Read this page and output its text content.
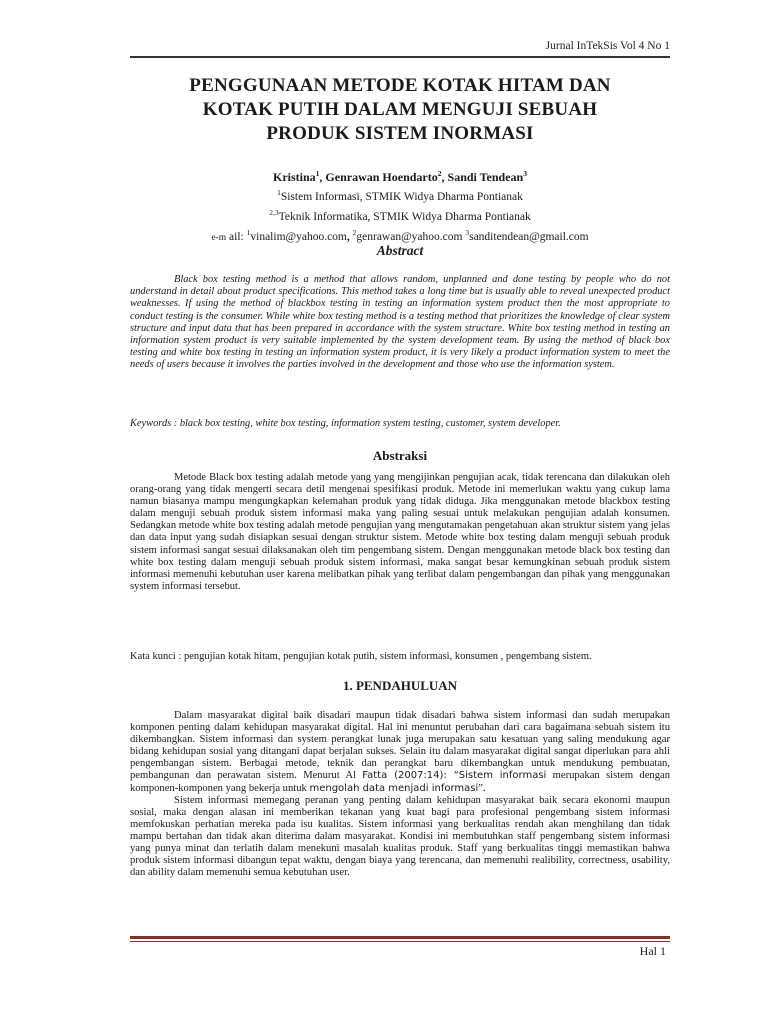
Jurnal InTekSis Vol 4 No 1
PENGGUNAAN METODE KOTAK HITAM DAN
KOTAK PUTIH DALAM MENGUJI SEBUAH
PRODUK SISTEM INORMASI
Kristina$^1$, Genrawan Hoendarto$^2$, Sandi Tendean$^3$
$^1$Sistem Informasi, STMIK Widya Dharma Pontianak
$^{2,3}$Teknik Informatika, STMIK Widya Dharma Pontianak
e-m ail: $^1$vinalim@yahoo.com, $^2$genrawan@yahoo.com $^3$sanditendean@gmail.com
Abstract
Black box testing method is a method that allows random, unplanned and done testing by people who do not understand in detail about product specifications. This method takes a long time but is usually able to reveal unexpected product weaknesses. If using the method of blackbox testing in testing an information system product then the most appropriate to conduct testing is the consumer. While white box testing method is a testing method that prioritizes the knowledge of clear system structure and input data that has been prepared in accordance with the system structure. White box testing method in testing an information system product is very suitable implemented by the system development team. By using the method of black box testing and white box testing in testing an information system product, it is very likely a product information system to meet the needs of users because it involves the parties involved in the development and those who use the information system.
Keywords : black box testing, white box testing, information system testing, customer, system developer.
Abstraksi
Metode Black box testing adalah metode yang yang mengijinkan pengujian acak, tidak terencana dan dilakukan oleh orang-orang yang tidak mengerti secara detil mengenai spesifikasi produk. Metode ini memerlukan waktu yang cukup lama namun biasanya mampu mengungkapkan kelemahan produk yang tidak diduga. Jika menggunakan metode blackbox testing dalam menguji sebuah produk sistem informasi maka yang paling sesuai untuk melakukan pengujian adalah konsumen. Sedangkan metode white box testing adalah metode pengujian yang mengutamakan pengetahuan akan struktur sistem yang jelas dan data input yang sudah disiapkan sesuai dengan struktur sistem. Metode white box testing dalam menguji sebuah produk sistem informasi sangat sesuai dilaksanakan oleh tim pengembang sistem. Dengan menggunakan metode black box testing dan white box testing dalam menguji sebuah produk sistem informasi, maka sangat besar kemungkinan sebuah produk sistem informasi memenuhi kebutuhan user karena melibatkan pihak yang terlibat dalam pengembangan dan pihak yang menggunakan system informasi tersebut.
Kata kunci : pengujian kotak hitam, pengujian kotak putih, sistem informasi, konsumen , pengembang sistem.
1. PENDAHULUAN

Dalam masyarakat digital baik disadari maupun tidak disadari bahwa sistem informasi dan sudah merupakan komponen penting dalam kehidupan masyarakat digital. Hal ini menuntut perubahan dari cara bagaimana sebuah sistem itu dikembangkan. Sistem informasi dan system perangkat lunak juga merupakan satu kesatuan yang saling mendukung agar bidang kehidupan sosial yang ditangani dapat berjalan sukses. Selain itu dalam masyarakat digital sangat diperlukan para ahli pengembangan sistem. Berbagai metode, teknik dan perangkat baru dikembangkan untuk mendukung pembuatan, pembangunan dan perawatan sistem. Menurut Al Fatta (2007:14): “Sistem informasi merupakan sistem dengan komponen-komponen yang bekerja untuk mengolah data menjadi informasi”.

Sistem informasi memegang peranan yang penting dalam kehidupan masyarakat baik secara ekonomi maupun sosial, maka dengan alasan ini memberikan tekanan yang kuat bagi para profesional pengembang sistem informasi memfokuskan perhatian mereka pada isu kualitas. Sistem informasi yang berkualitas rendah akan menghilang dan tidak mampu bertahan dan tidak akan diterima dalam masyarakat. Kondisi ini membutuhkan staff pengembang sistem informasi yang punya minat dan terlatih dalam menekuni masalah kualitas produk. Staff yang berkualitas tinggi memastikan bahwa produk sistem informasi dibangun tepat waktu, dengan biaya yang terencana, dan memenuhi realibility, correctness, usability, dan ability dalam memenuhi semua kebutuhan user.

Hal 1
